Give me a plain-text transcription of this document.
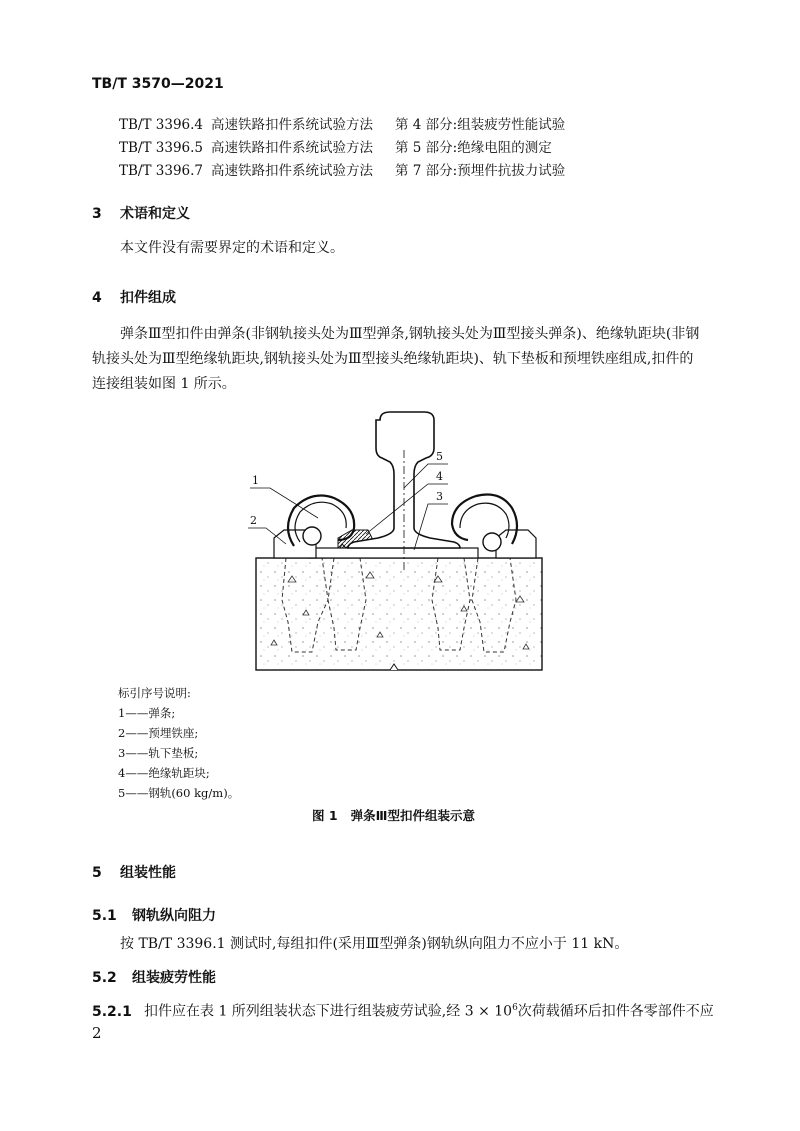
TB/T 3570—2021
TB/T 3396.4 高速铁路扣件系统试验方法 第 4 部分:组装疲劳性能试验
TB/T 3396.5 高速铁路扣件系统试验方法 第 5 部分:绝缘电阻的测定
TB/T 3396.7 高速铁路扣件系统试验方法 第 7 部分:预埋件抗拔力试验
3 术语和定义
本文件没有需要界定的术语和定义。
4 扣件组成
弹条Ⅲ型扣件由弹条(非钢轨接头处为Ⅲ型弹条,钢轨接头处为Ⅲ型接头弹条)、绝缘轨距块(非钢
轨接头处为Ⅲ型绝缘轨距块,钢轨接头处为Ⅲ型接头绝缘轨距块)、轨下垫板和预埋铁座组成,扣件的
连接组装如图 1 所示。
1
2
3
4
5
标引序号说明:
1——弹条;
2——预埋铁座;
3——轨下垫板;
4——绝缘轨距块;
5——钢轨(60 kg/m)。
图 1 弹条Ⅲ型扣件组装示意
5 组装性能
5.1 钢轨纵向阻力
按 TB/T 3396.1 测试时,每组扣件(采用Ⅲ型弹条)钢轨纵向阻力不应小于 11 kN。
5.2 组装疲劳性能
5.2.1 扣件应在表 1 所列组装状态下进行组装疲劳试验,经 $3 \times 10^6$次荷载循环后扣件各零部件不应
2
